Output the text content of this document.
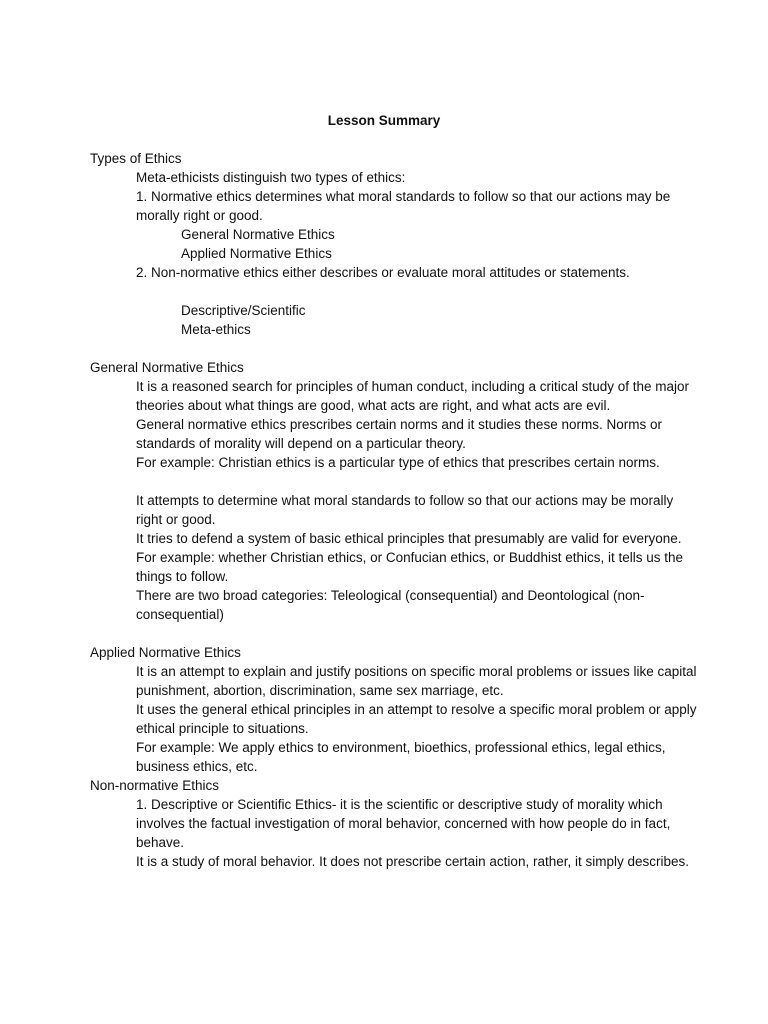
Lesson Summary
Types of Ethics
Meta-ethicists distinguish two types of ethics:
1. Normative ethics determines what moral standards to follow so that our actions may be morally right or good.
General Normative Ethics
Applied Normative Ethics
2. Non-normative ethics either describes or evaluate moral attitudes or statements.
Descriptive/Scientific
Meta-ethics
General Normative Ethics
It is a reasoned search for principles of human conduct, including a critical study of the major theories about what things are good, what acts are right, and what acts are evil.
General normative ethics prescribes certain norms and it studies these norms. Norms or standards of morality will depend on a particular theory.
For example: Christian ethics is a particular type of ethics that prescribes certain norms.
It attempts to determine what moral standards to follow so that our actions may be morally right or good.
It tries to defend a system of basic ethical principles that presumably are valid for everyone.
For example: whether Christian ethics, or Confucian ethics, or Buddhist ethics, it tells us the things to follow.
There are two broad categories: Teleological (consequential) and Deontological (non-consequential)
Applied Normative Ethics
It is an attempt to explain and justify positions on specific moral problems or issues like capital punishment, abortion, discrimination, same sex marriage, etc.
It uses the general ethical principles in an attempt to resolve a specific moral problem or apply ethical principle to situations.
For example: We apply ethics to environment, bioethics, professional ethics, legal ethics, business ethics, etc.
Non-normative Ethics
1. Descriptive or Scientific Ethics- it is the scientific or descriptive study of morality which involves the factual investigation of moral behavior, concerned with how people do in fact, behave.
It is a study of moral behavior. It does not prescribe certain action, rather, it simply describes.
